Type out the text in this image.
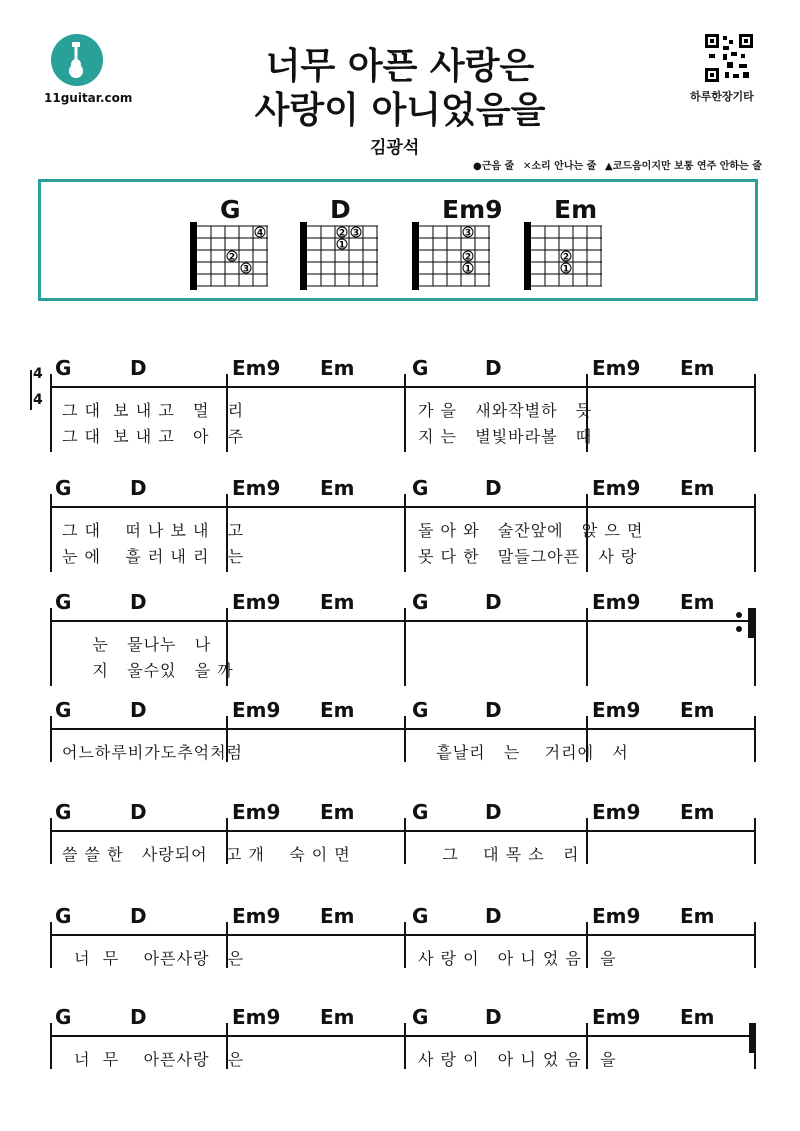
11guitar.com
너무 아픈 사랑은
사랑이 아니었음을
김광석
하루한장기타
●근음 줄 ✕소리 안나는 줄 ▲코드음이지만 보통 연주 안하는 줄
G
4
2
3
D
2 3
1
Em9
3
2
1
Em
2
1
4
4
G	D	Em9 Em	G	D	Em9 Em
그 대  보 내 고   멀   리	가 을   새와작별하   듯
그 대  보 내 고   아   주	지 는   별빛바라볼   때
G	D	Em9 Em	G	D	Em9 Em
그 대    떠 나 보 내   고	돌 아 와   술잔앞에   앉 으 면
눈 에    흘 러 내 리   는	못 다 한   말들그아픈   사 랑
G	D	Em9 Em	G	D	Em9 Em
눈   물나누   나
지   울수있   을 까
G	D	Em9 Em	G	D	Em9 Em
어느하루비가도추억처럼	흩날리   는    거리에   서
G	D	Em9 Em	G	D	Em9 Em
쓸 쓸 한   사랑되어   고 개    숙 이 면	그    대 목 소   리
G	D	Em9 Em	G	D	Em9 Em
너  무    아픈사랑   은	사 랑 이   아 니 었 음   을
G	D	Em9 Em	G	D	Em9 Em
너  무    아픈사랑   은	사 랑 이   아 니 었 음   을
